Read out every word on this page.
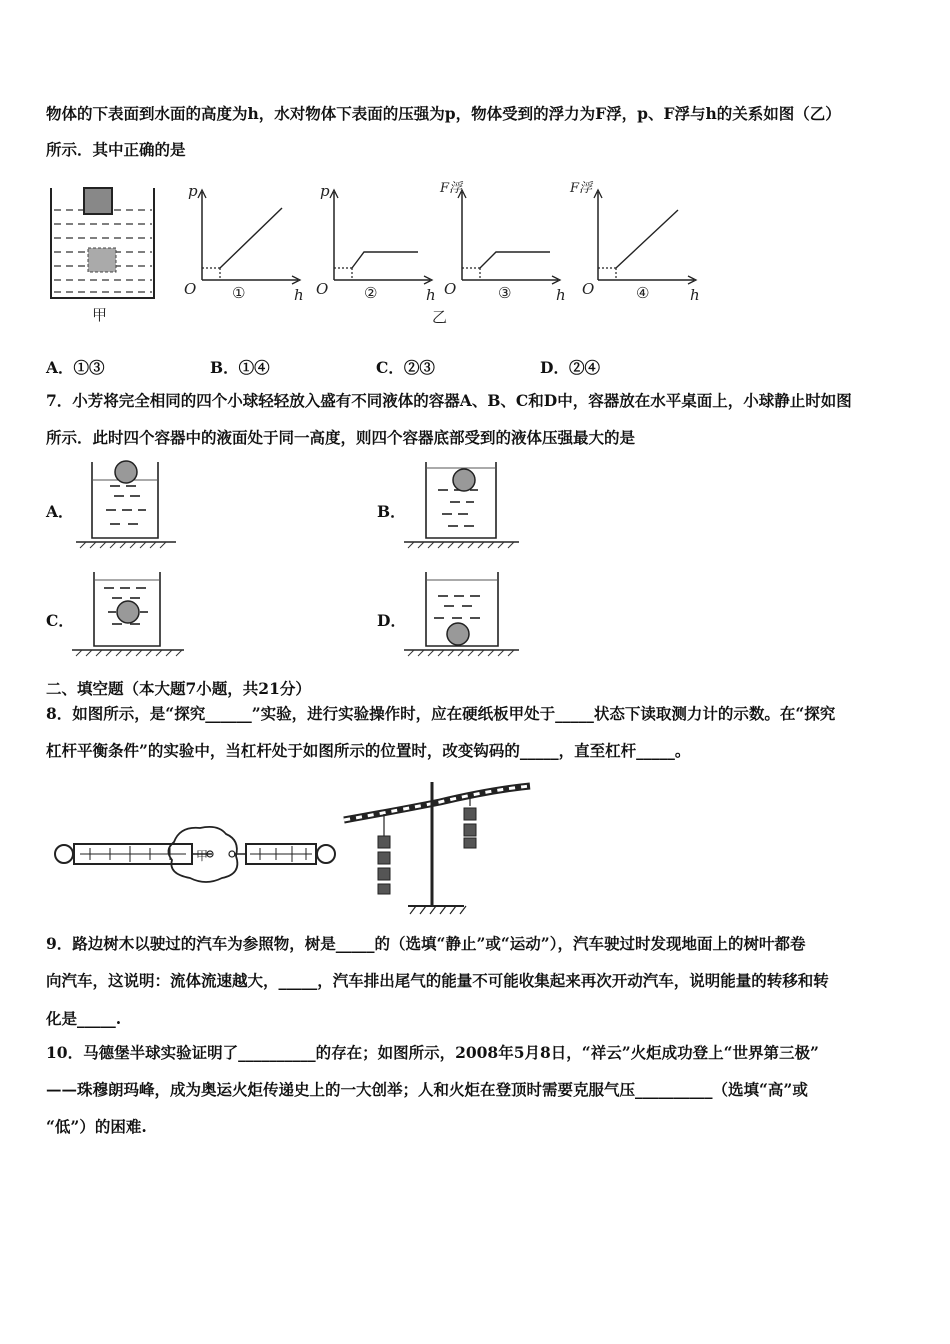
物体的下表面到水面的高度为h，水对物体下表面的压强为p，物体受到的浮力为F浮，p、F浮与h的关系如图（乙）
所示．其中正确的是
甲
p
O	h
①
p
O	h
②
F浮
O	h
③
乙
F浮
O	h
④
A．①③	B．①④	C．②③	D．②④
7．小芳将完全相同的四个小球轻轻放入盛有不同液体的容器A、B、C和D中，容器放在水平桌面上，小球静止时如图
所示．此时四个容器中的液面处于同一高度，则四个容器底部受到的液体压强最大的是
A．	B．
C．	D．
二、填空题（本大题7小题，共21分）
8．如图所示，是“探究______”实验，进行实验操作时，应在硬纸板甲处于_____状态下读取测力计的示数。在“探究
杠杆平衡条件”的实验中，当杠杆处于如图所示的位置时，改变钩码的_____，直至杠杆_____。
甲
9．路边树木以驶过的汽车为参照物，树是_____的（选填“静止”或“运动”），汽车驶过时发现地面上的树叶都卷
向汽车，这说明：流体流速越大，_____，汽车排出尾气的能量不可能收集起来再次开动汽车，说明能量的转移和转
化是_____.
10．马德堡半球实验证明了__________的存在；如图所示，2008年5月8日，“祥云”火炬成功登上“世界第三极”
——珠穆朗玛峰，成为奥运火炬传递史上的一大创举；人和火炬在登顶时需要克服气压__________（选填“高”或
“低”）的困难.
